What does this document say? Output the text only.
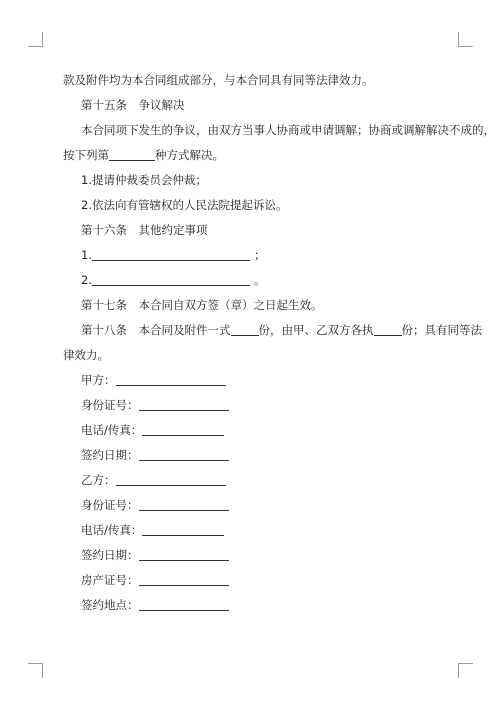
款及附件均为本合同组成部分，与本合同具有同等法律效力。

第十五条　争议解决

本合同项下发生的争议，由双方当事人协商或申请调解；协商或调解解决不成的，

按下列第	种方式解决。

1.提请仲裁委员会仲裁；

2.依法向有管辖权的人民法院提起诉讼。

第十六条　其他约定事项

1.	；

2.	。

第十七条　本合同自双方签（章）之日起生效。

第十八条　本合同及附件一式 份，由甲、乙双方各执 份；具有同等法

律效力。

甲方：

身份证号：

电话/传真：

签约日期：

乙方：

身份证号：

电话/传真：

签约日期：

房产证号：

签约地点：
